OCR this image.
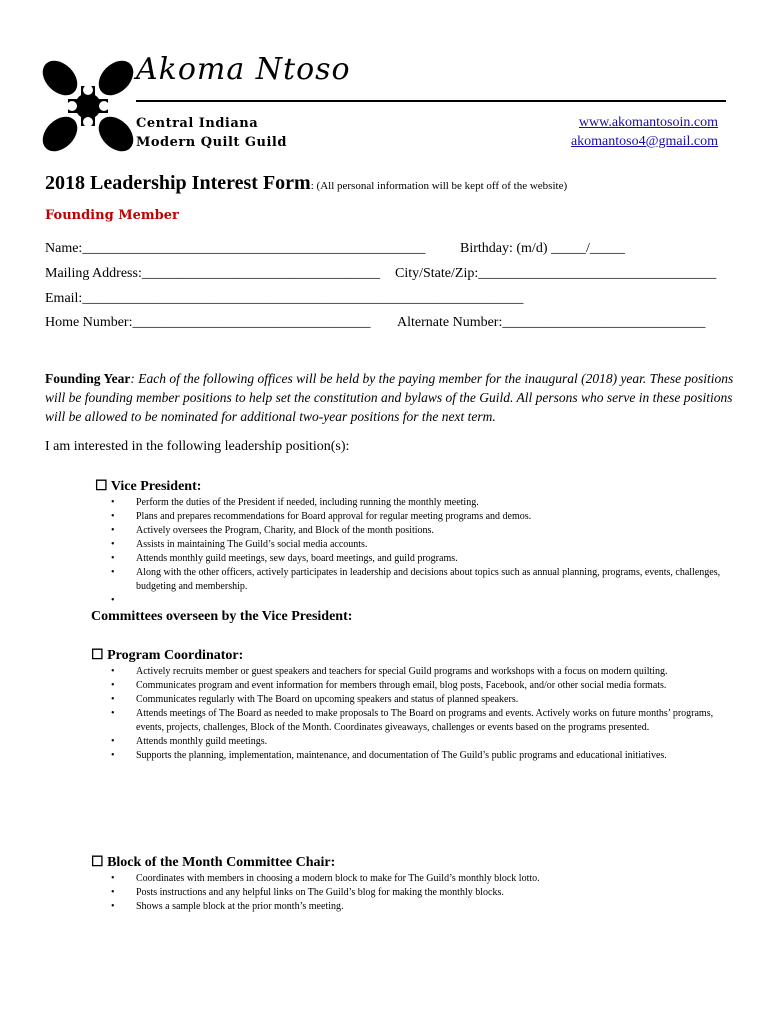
Akoma Ntoso
Central Indiana
Modern Quilt Guild
www.akomantosoin.com
akomantoso4@gmail.com
2018 Leadership Interest Form: (All personal information will be kept off of the website)
Founding Member
Name:_________________________________________________ Birthday: (m/d) _____/_____
Mailing Address:__________________________________ City/State/Zip:__________________________________
Email:_______________________________________________________________
Home Number:__________________________________ Alternate Number:_____________________________
Founding Year: Each of the following offices will be held by the paying member for the inaugural (2018) year. These positions will be founding member positions to help set the constitution and bylaws of the Guild. All persons who serve in these positions will be allowed to be nominated for additional two-year positions for the next term.
I am interested in the following leadership position(s):
☐ Vice President:
• Perform the duties of the President if needed, including running the monthly meeting.
• Plans and prepares recommendations for Board approval for regular meeting programs and demos.
• Actively oversees the Program, Charity, and Block of the month positions.
• Assists in maintaining The Guild’s social media accounts.
• Attends monthly guild meetings, sew days, board meetings, and guild programs.
• Along with the other officers, actively participates in leadership and decisions about topics such as annual planning, programs, events, challenges, budgeting and membership.
•
Committees overseen by the Vice President:
☐ Program Coordinator:
• Actively recruits member or guest speakers and teachers for special Guild programs and workshops with a focus on modern quilting.
• Communicates program and event information for members through email, blog posts, Facebook, and/or other social media formats.
• Communicates regularly with The Board on upcoming speakers and status of planned speakers.
• Attends meetings of The Board as needed to make proposals to The Board on programs and events. Actively works on future months’ programs, events, projects, challenges, Block of the Month. Coordinates giveaways, challenges or events based on the programs presented.
• Attends monthly guild meetings.
• Supports the planning, implementation, maintenance, and documentation of The Guild’s public programs and educational initiatives.
☐ Block of the Month Committee Chair:
• Coordinates with members in choosing a modern block to make for The Guild’s monthly block lotto.
• Posts instructions and any helpful links on The Guild’s blog for making the monthly blocks.
• Shows a sample block at the prior month’s meeting.
